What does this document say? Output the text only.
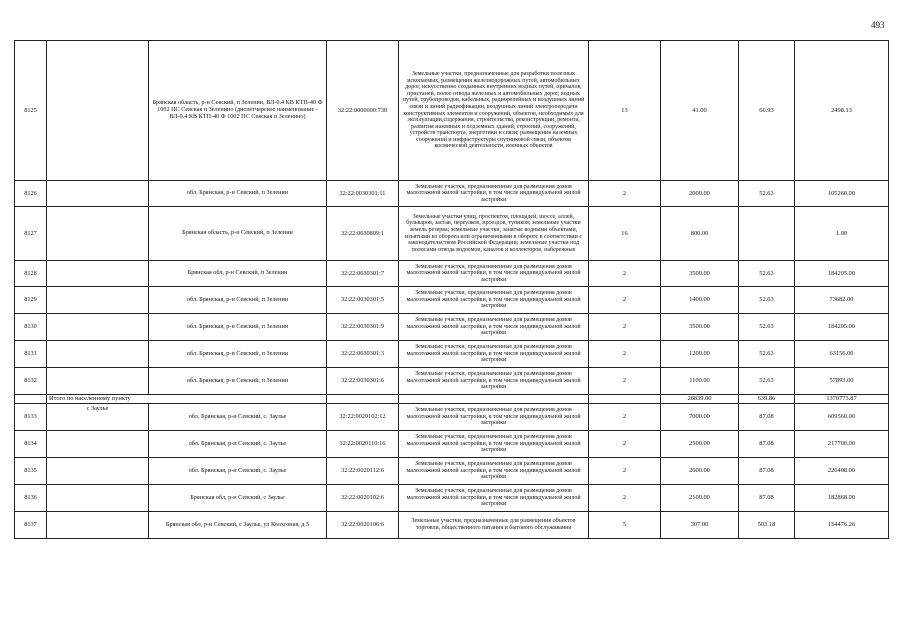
493
8125		Брянская область, р-н Севский, п Зеленин, ВЛ-0.4 КВ КТП-40 Ф 1002 ПС Севская п Зеленино (диспетчерское наименование - ВЛ-0.4 КВ КТП-40 Ф 1002 ПС Севская п Зеленино)	32:22:0000000:730	Земельные участки, предназначенные для разработки полезных ископаемых, размещения железнодорожных путей, автомобильных дорог, искусственно созданных внутренних водных путей, причалов, пристаней, полос отвода железных и автомобильных дорог, водных путей, трубопроводов, кабельных, радиорелейных и воздушных линий связи и линий радиофикации, воздушных линий электропередачи конструктивных элементов и сооружений, объектов, необходимых для эксплуатации,содержания, строительства, реконструкции, ремонта, развития наземных и подземных зданий, строений, сооружений, устройств транспорта, энергетики и связи; размещения наземных сооружений и инфраструктуры спутниковой связи, объектов космической деятельности, военных объектов	13	41.00	60.93	2498.13
8126		обл. Брянская, р-н Севский, п Зеленин	32:22:0030301:11	Земельные участки, предназначенные для размещения домов малоэтажной жилой застройки, в том числе индивидуальной жилой застройки	2	2000.00	52.63	105260.00
8127		Брянская область, р-н Севский, п Зеленин	32:22:0030809:1	Земельные участки улиц, проспектов, площадей, шоссе, аллей, бульваров, застав, переулков, проездов, тупиков; земельные участки земель резерва; земельные участки, занятые водными объектами, изъятыми из оборота или ограниченными в обороте в соответствии с законодательством Российской Федерации; земельные участки под полосами отвода водоемов, каналов и коллекторов, набережные	16	800.00		1.00
8128		Брянская обл, р-н Севский, п Зеленин	32:22:0030301:7	Земельные участки, предназначенные для размещения домов малоэтажной жилой застройки, в том числе индивидуальной жилой застройки	2	3500.00	52.63	184205.00
8129		обл. Брянская, р-н Севский, п Зеленин	32:22:0030301:5	Земельные участки, предназначенные для размещения домов малоэтажной жилой застройки, в том числе индивидуальной жилой застройки	2	1400.00	52.63	73682.00
8130		обл. Брянская, р-н Севский, п Зеленин	32:22:0030301:9	Земельные участки, предназначенные для размещения домов малоэтажной жилой застройки, в том числе индивидуальной жилой застройки	2	3500.00	52.63	184205.00
8131		обл. Брянская, р-н Севский, п Зеленин	32:22:0030301:3	Земельные участки, предназначенные для размещения домов малоэтажной жилой застройки, в том числе индивидуальной жилой застройки	2	1200.00	52.63	63156.00
8132		обл. Брянская, р-н Севский, п Зеленин	32:22:0030301:6	Земельные участки, предназначенные для размещения домов малоэтажной жилой застройки, в том числе индивидуальной жилой застройки	2	1100.00	52.63	57893.00
	Итого по населенному пункту					26839.00	639.86	1370773.87
8133	с Заулье	обл. Брянская, р-н Севский, с. Заулье	32:22:0020102:12	Земельные участки, предназначенные для размещения домов малоэтажной жилой застройки, в том числе индивидуальной жилой застройки	2	7000.00	87.08	609560.00
8134		обл. Брянская, р-н Севский, с. Заулье	32:22:0020110:16	Земельные участки, предназначенные для размещения домов малоэтажной жилой застройки, в том числе индивидуальной жилой застройки	2	2500.00	87.08	217700.00
8135		обл. Брянская, р-н Севский, с. Заулье	32:22:0020112:6	Земельные участки, предназначенные для размещения домов малоэтажной жилой застройки, в том числе индивидуальной жилой застройки	2	2600.00	87.08	226408.00
8136		Брянская обл, р-н Севский, с Заулье	32:22:0020102:6	Земельные участки, предназначенные для размещения домов малоэтажной жилой застройки, в том числе индивидуальной жилой застройки	2	2100.00	87.08	182868.00
8137		Брянская обл, р-н Севский, с Заулье, ул Колхозная, д 5	32:22:0020106:6	Земельные участки, предназначенные для размещения объектов торговли, общественного питания и бытового обслуживания	5	307.00	503.18	154476.26
